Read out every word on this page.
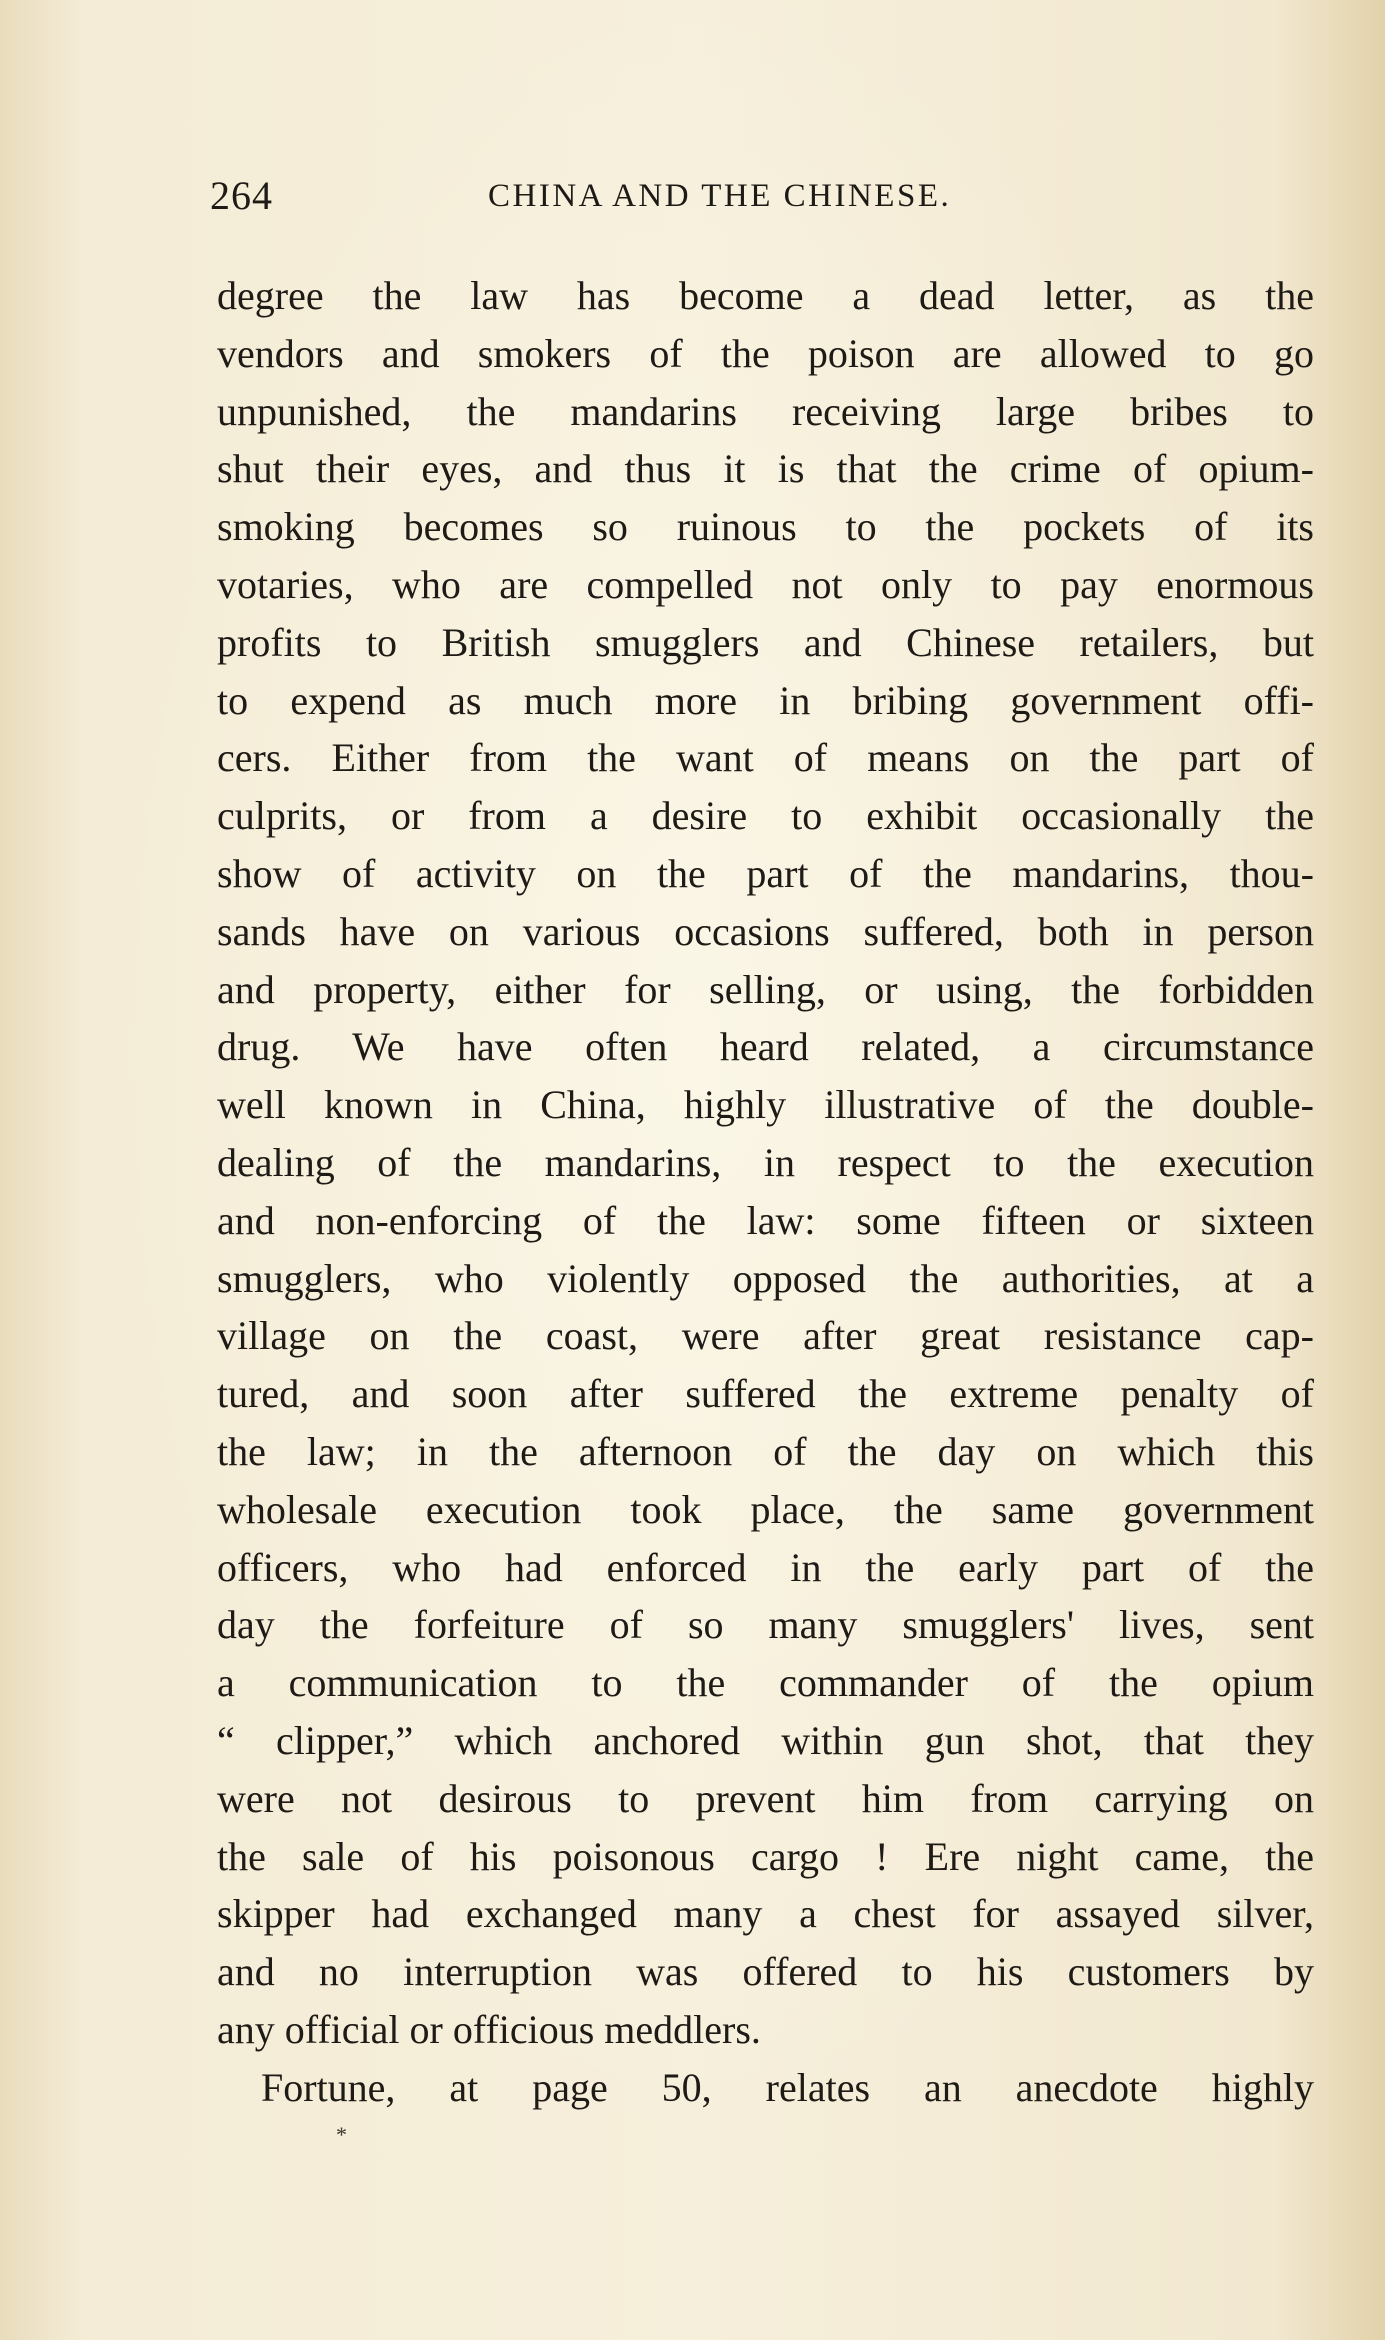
264	CHINA AND THE CHINESE.
degree the law has become a dead letter, as the
vendors and smokers of the poison are allowed to go
unpunished, the mandarins receiving large bribes to
shut their eyes, and thus it is that the crime of opium-
smoking becomes so ruinous to the pockets of its
votaries, who are compelled not only to pay enormous
profits to British smugglers and Chinese retailers, but
to expend as much more in bribing government offi-
cers. Either from the want of means on the part of
culprits, or from a desire to exhibit occasionally the
show of activity on the part of the mandarins, thou-
sands have on various occasions suffered, both in person
and property, either for selling, or using, the forbidden
drug. We have often heard related, a circumstance
well known in China, highly illustrative of the double-
dealing of the mandarins, in respect to the execution
and non-enforcing of the law: some fifteen or sixteen
smugglers, who violently opposed the authorities, at a
village on the coast, were after great resistance cap-
tured, and soon after suffered the extreme penalty of
the law; in the afternoon of the day on which this
wholesale execution took place, the same government
officers, who had enforced in the early part of the
day the forfeiture of so many smugglers' lives, sent
a communication to the commander of the opium
“ clipper,” which anchored within gun shot, that they
were not desirous to prevent him from carrying on
the sale of his poisonous cargo ! Ere night came, the
skipper had exchanged many a chest for assayed silver,
and no interruption was offered to his customers by
any official or officious meddlers.
Fortune, at page 50, relates an anecdote highly
*
